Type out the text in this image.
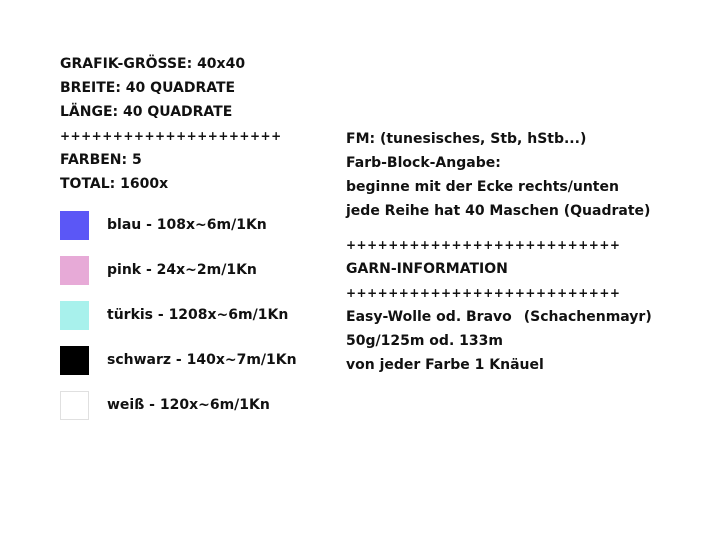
GRAFIK-GRÖSSE: 40x40
BREITE: 40 QUADRATE
LÄNGE: 40 QUADRATE
+++++++++++++++++++++
FARBEN: 5
TOTAL: 1600x
blau - 108x~6m/1Kn
pink - 24x~2m/1Kn
türkis - 1208x~6m/1Kn
schwarz - 140x~7m/1Kn
weiß - 120x~6m/1Kn
FM: (tunesisches, Stb, hStb...)
Farb-Block-Angabe:
beginne mit der Ecke rechts/unten
jede Reihe hat 40 Maschen (Quadrate)
++++++++++++++++++++++++++
GARN-INFORMATION
++++++++++++++++++++++++++
Easy-Wolle od. Bravo (Schachenmayr)
50g/125m od. 133m
von jeder Farbe 1 Knäuel
